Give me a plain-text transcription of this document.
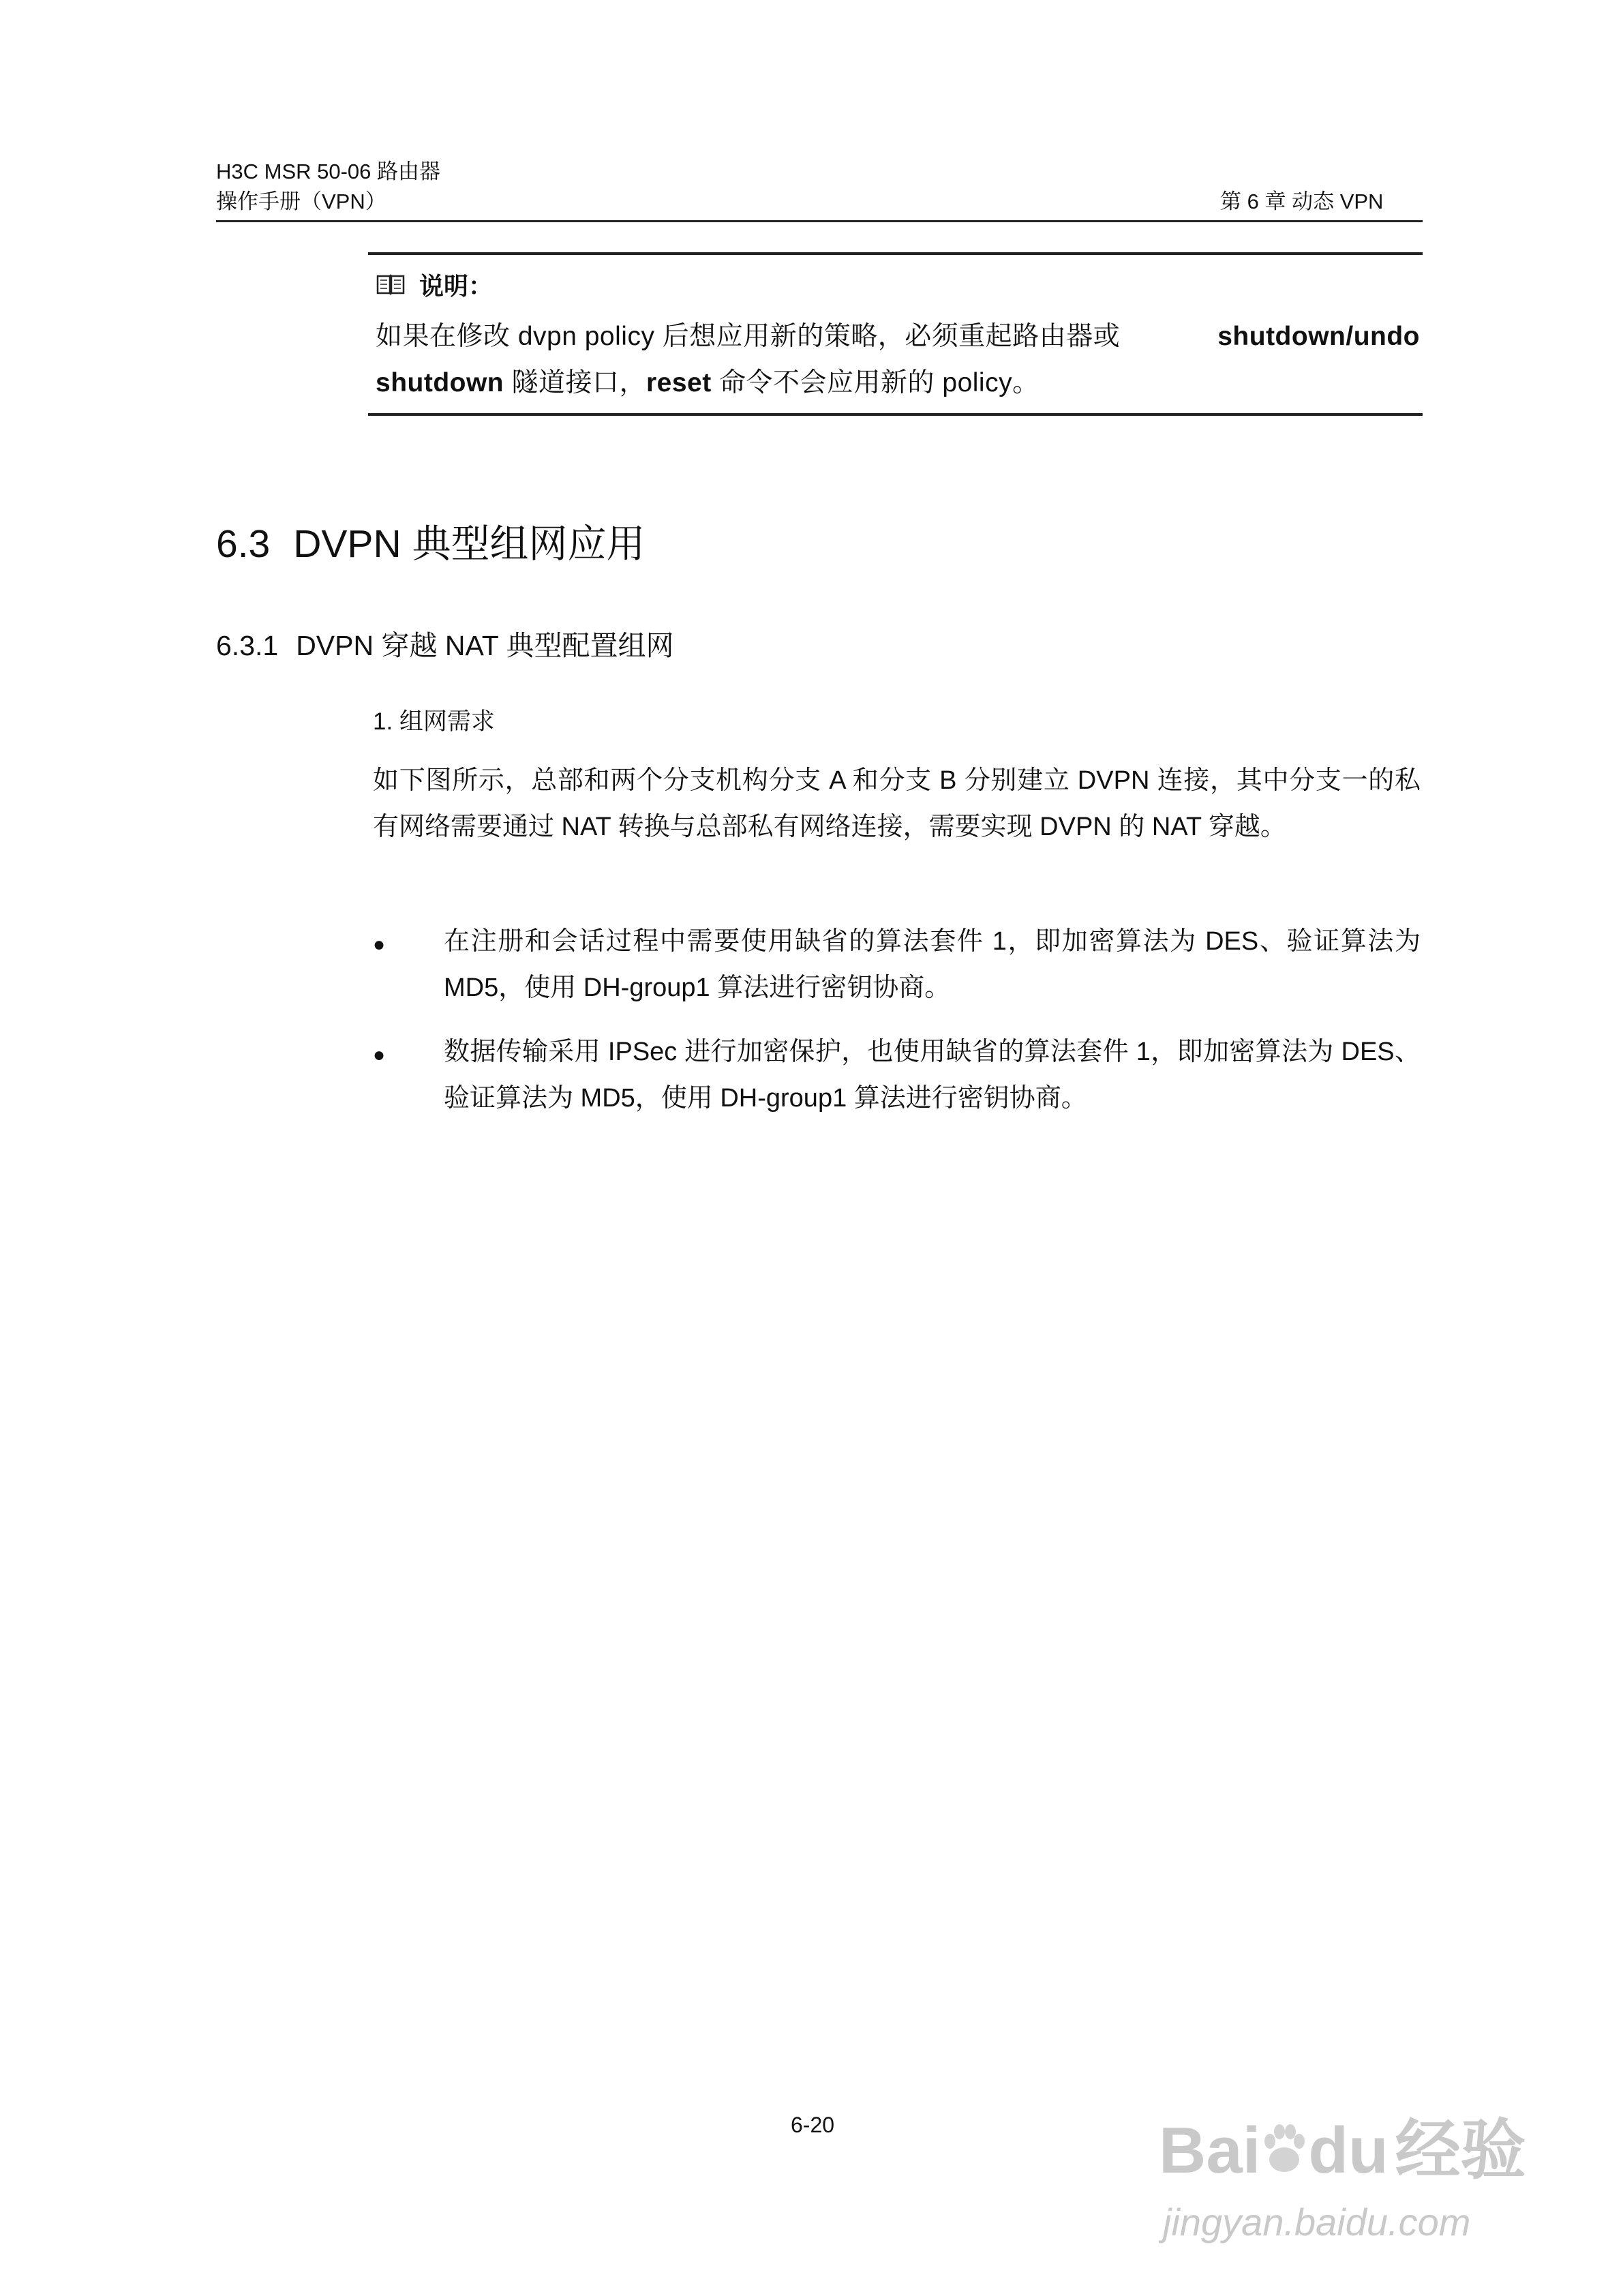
H3C MSR 50-06 路由器
操作手册（VPN）	第 6 章 动态 VPN
说明：
如果在修改 dvpn policy 后想应用新的策略，必须重起路由器或	shutdown/undo
shutdown 隧道接口，reset 命令不会应用新的 policy。
6.3 DVPN 典型组网应用
6.3.1 DVPN 穿越 NAT 典型配置组网
1. 组网需求
如下图所示，总部和两个分支机构分支 A 和分支 B 分别建立 DVPN 连接，其中分支一的私有网络需要通过 NAT 转换与总部私有网络连接，需要实现 DVPN 的 NAT 穿越。
● 在注册和会话过程中需要使用缺省的算法套件 1，即加密算法为 DES、验证算法为 MD5，使用 DH-group1 算法进行密钥协商。
● 数据传输采用 IPSec 进行加密保护，也使用缺省的算法套件 1，即加密算法为 DES、验证算法为 MD5，使用 DH-group1 算法进行密钥协商。
6-20	Bai du 经验
jingyan.baidu.com
